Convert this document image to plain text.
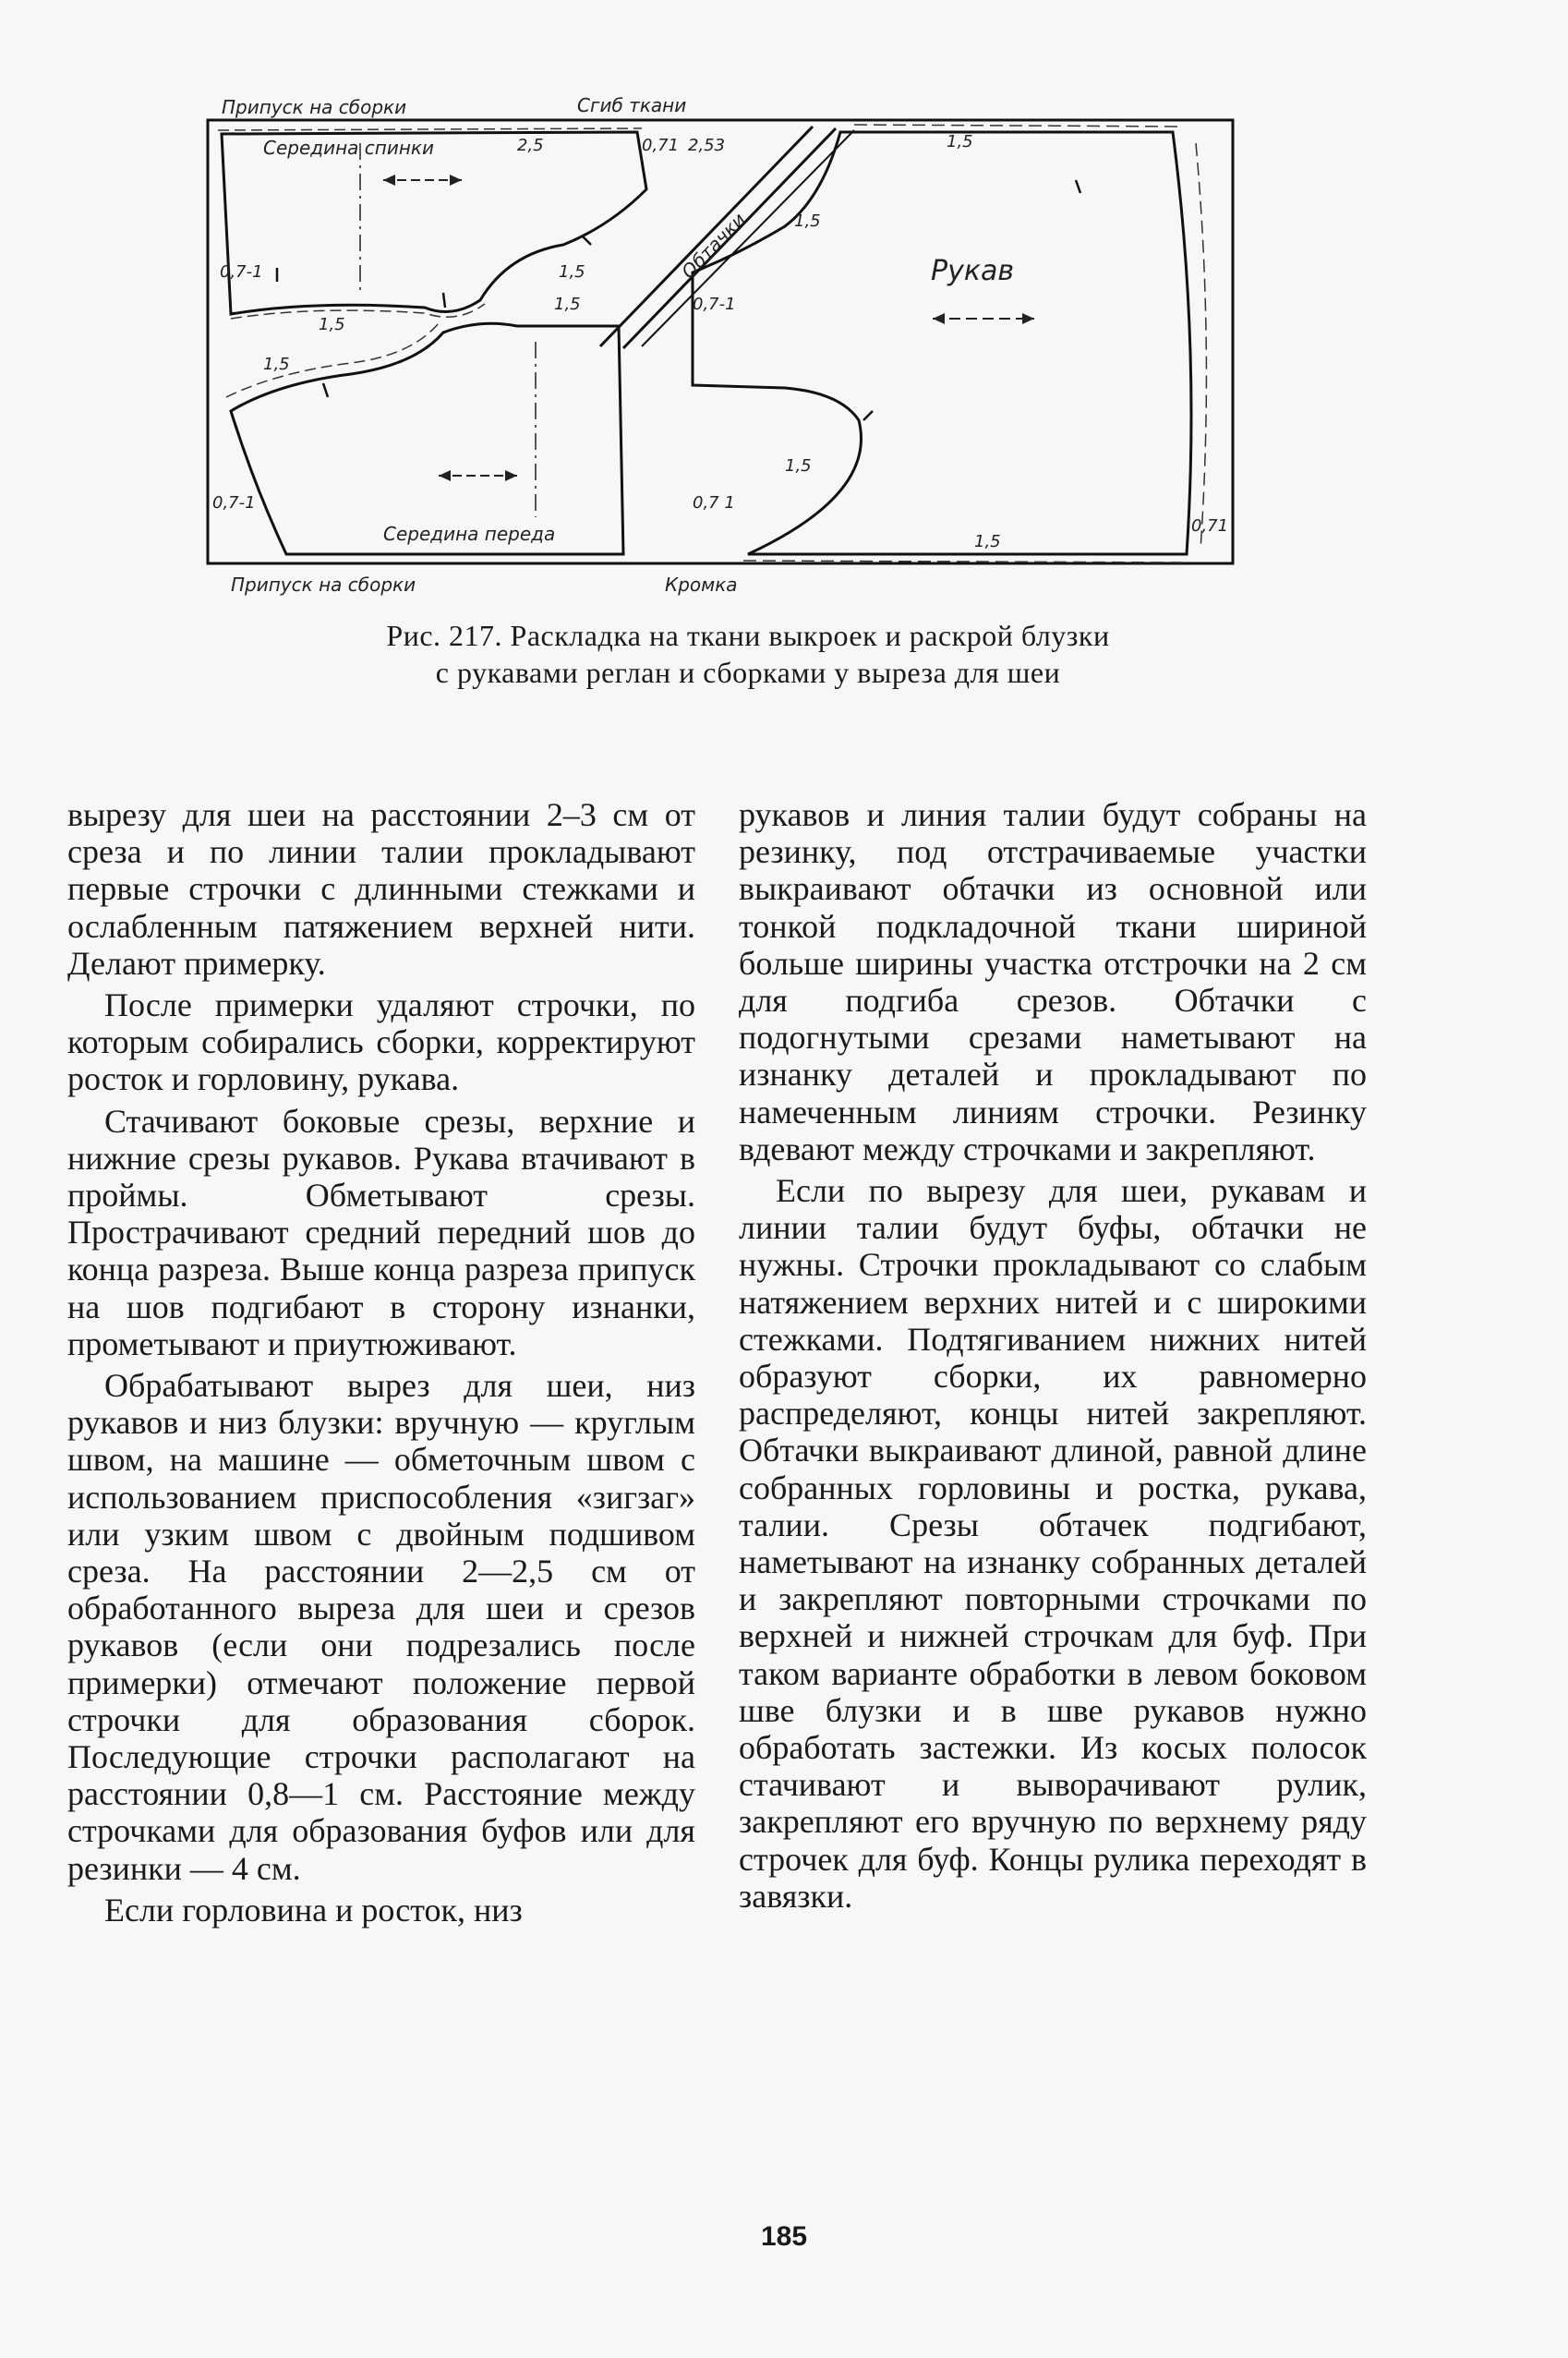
Припуск на сборки	Сгиб ткани
Середина спинки	2,5	0,71 2,53	1,5
1,5
1,5
1,5
1,5
1,5
1,5
1,5
0,7-1
0,7-1
0,7-1	0,7 1
0,71
Рукав
Обтачки
Середина переда
Припуск на сборки	Кромка
Рис. 217. Раскладка на ткани выкроек и раскрой блузки
с рукавами реглан и сборками у выреза для шеи

вырезу для шеи на расстоянии 2–3 см от среза и по линии талии прокладывают первые строчки с длинными стежками и ослабленным патяжением верхней нити. Делают примерку.

После примерки удаляют строчки, по которым собирались сборки, корректируют росток и горловину, рукава.

Стачивают боковые срезы, верхние и нижние срезы рукавов. Рукава втачивают в проймы. Обметывают срезы. Прострачивают средний передний шов до конца разреза. Выше конца разреза припуск на шов подгибают в сторону изнанки, прометывают и приутюживают.

Обрабатывают вырез для шеи, низ рукавов и низ блузки: вручную — круглым швом, на машине — обметочным швом с использованием приспособления «зигзаг» или узким швом с двойным подшивом среза. На расстоянии 2—2,5 см от обработанного выреза для шеи и срезов рукавов (если они подрезались после примерки) отмечают положение первой строчки для образования сборок. Последующие строчки располагают на расстоянии 0,8—1 см. Расстояние между строчками для образования буфов или для резинки — 4 см.

Если горловина и росток, низ

рукавов и линия талии будут собраны на резинку, под отстрачиваемые участки выкраивают обтачки из основной или тонкой подкладочной ткани шириной больше ширины участка отстрочки на 2 см для подгиба срезов. Обтачки с подогнутыми срезами наметывают на изнанку деталей и прокладывают по намеченным линиям строчки. Резинку вдевают между строчками и закрепляют.

Если по вырезу для шеи, рукавам и линии талии будут буфы, обтачки не нужны. Строчки прокладывают со слабым натяжением верхних нитей и с широкими стежками. Подтягиванием нижних нитей образуют сборки, их равномерно распределяют, концы нитей закрепляют. Обтачки выкраивают длиной, равной длине собранных горловины и ростка, рукава, талии. Срезы обтачек подгибают, наметывают на изнанку собранных деталей и закрепляют повторными строчками по верхней и нижней строчкам для буф. При таком варианте обработки в левом боковом шве блузки и в шве рукавов нужно обработать застежки. Из косых полосок стачивают и выворачивают рулик, закрепляют его вручную по верхнему ряду строчек для буф. Концы рулика переходят в завязки.

185
